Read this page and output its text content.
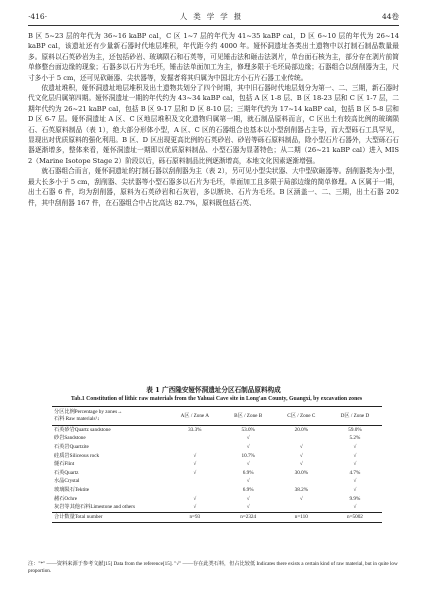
·416·	人类学学报	44卷

B 区 5~23 层的年代为 36~16 kaBP cal，C 区 1~7 层的年代为 41~35 kaBP cal，D 区 6~10 层的年代为 26~14 kaBP cal，该遗址还有少量新石器时代地层堆积，年代距今约 4000 年。娅怀洞遗址各类出土遗物中以打制石制品数量最多。原料以石英砂岩为主，还包括砂岩、玻璃陨石和石英等，可见锤击法和砸击法剥片，单台面石核为主，部分存在剥片前简单修整台面边缘的现象；石器多以石片为毛坯，锤击法单面加工为主，修理多限于毛坯局部边缘；石器组合以刮削器为主，尺寸多小于 5 cm，还可见砍砸器、尖状器等，发掘者将其归属为中国北方小石片石器工业传统。

依遗址堆积，娅怀洞遗址地层堆积及出土遗物共划分了四个时期，其中旧石器时代地层划分为第一、二、三期，新石器时代文化层归属第四期。娅怀洞遗址一期的年代约为 43~34 kaBP cal，包括 A 区 1-8 层、B 区 18-23 层和 C 区 1-7 层，二期年代约为 26~21 kaBP cal，包括 B 区 9-17 层和 D 区 8-10 层；三期年代约为 17~14 kaBP cal，包括 B 区 5-8 层和 D 区 6-7 层。娅怀洞遗址 A 区、C 区地层堆积及文化遗物归属第一期，就石制品原料而言，C 区出土有较高比例的玻璃陨石、石英原料制品（表 1），绝大部分形体小型，A 区、C 区的石器组合也基本以小型刮削器占主导，而大型砾石工具罕见，显现出对优质原料的强化利用。B 区、D 区出现更高比例的石英砂岩、砂岩等砾石原料制品，除小型石片石器外，大型砾石石器逐渐增多，整体来看，娅怀洞遗址一期即以优质原料制品、小型石器为显著特色；从二期（26~21 kaBP cal）进入 MIS 2（Marine Isotope Stage 2）阶段以后，砾石原料制品比例逐渐增高，本地文化因素逐渐增强。

就石器组合而言，娅怀洞遗址的打制石器以刮削器为主（表 2），另可见小型尖状器、大中型砍砸器等。刮削器类为小型，最大长多小于 5 cm，刮削器、尖状器等小型石器多以石片为毛坯，单面加工且多限于局部边缘的简单修理。A 区属于一期，出土石器 6 件，均为刮削器，原料为石英砂岩和石灰岩，多以断块、石片为毛坯。B 区涵盖一、二、三期，出土石器 202 件，其中刮削器 167 件，在石器组合中占比高达 82.7%，原料既包括石英、

表 1 广西隆安娅怀洞遗址分区石制品原料构成
Tab.1 Constitution of lithic raw materials from the Yahuai Cave site in Long'an County, Guangxi, by excavation zones
分区比例Percentage by zones→
石料 Raw materials¹↓	A区 / Zone A	B区 / Zone B	C区 / Zone C	D区 / Zone D
石英砂岩Quartz sandstone	33.3%	53.0%	20.0%	59.0%
砂岩Sandstone		√		5.2%
石英岩Quartzite		√	√	√
硅质岩Siliceous rock	√	10.7%	√	√
燧石Flint	√	√	√	√
石英Quartz	√	6.9%	30.0%	4.7%
水晶Crystal		√		√
玻璃陨石Tektite		6.9%	38.2%	√
赭石Ochre	√	√	√	9.9%
灰岩等其他石料Limestone and others	√	√		√
合计数量Total number	n=93	n=2324	n=110	n=5002
注："*" ——资料来源于参考文献[15] Data from the reference[15]. "√" ——存在此类石料，但占比较低 Indicates there exists a certain kind of raw material, but in quite low proportion.
